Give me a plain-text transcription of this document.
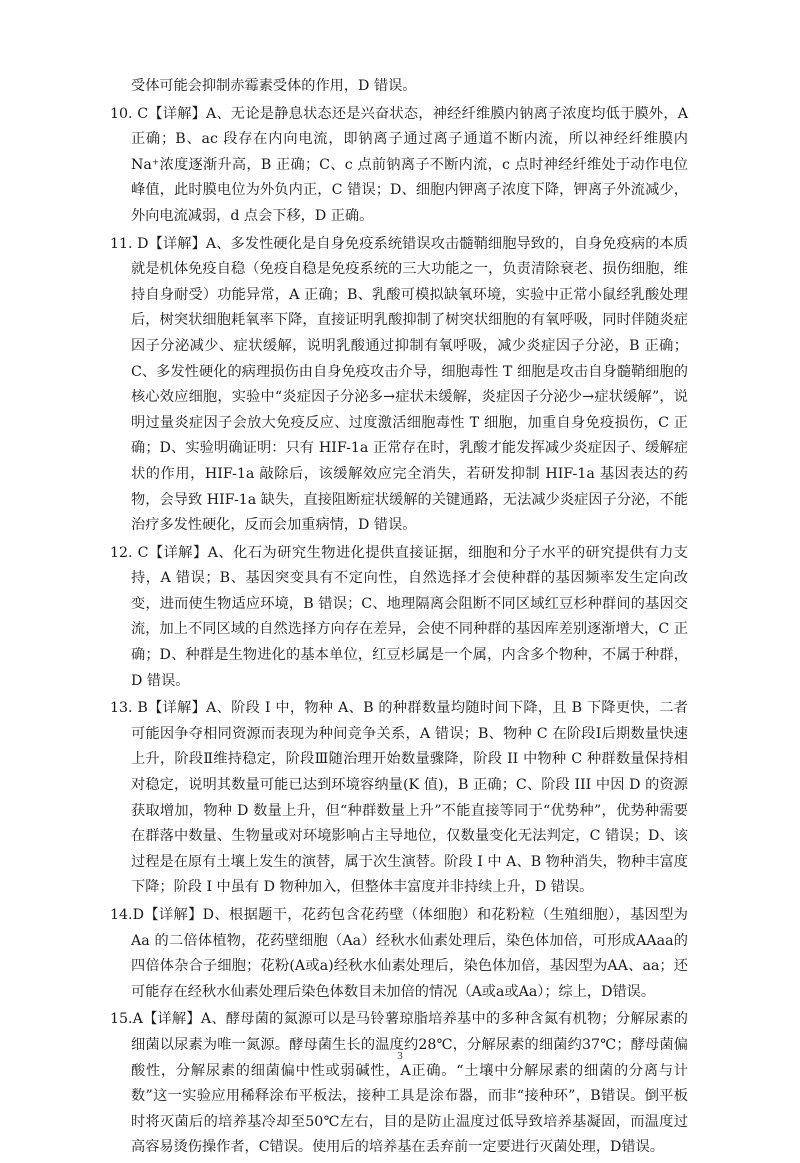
受体可能会抑制赤霉素受体的作用，D 错误。

10. C【详解】A、无论是静息状态还是兴奋状态，神经纤维膜内钠离子浓度均低于膜外，A 正确；B、ac 段存在内向电流，即钠离子通过离子通道不断内流，所以神经纤维膜内 Na⁺浓度逐渐升高，B 正确；C、c 点前钠离子不断内流，c 点时神经纤维处于动作电位峰值，此时膜电位为外负内正，C 错误；D、细胞内钾离子浓度下降，钾离子外流减少，外向电流减弱，d 点会下移，D 正确。

11. D【详解】A、多发性硬化是自身免疫系统错误攻击髓鞘细胞导致的，自身免疫病的本质就是机体免疫自稳（免疫自稳是免疫系统的三大功能之一，负责清除衰老、损伤细胞，维持自身耐受）功能异常，A 正确；B、乳酸可模拟缺氧环境，实验中正常小鼠经乳酸处理后，树突状细胞耗氧率下降，直接证明乳酸抑制了树突状细胞的有氧呼吸，同时伴随炎症因子分泌减少、症状缓解，说明乳酸通过抑制有氧呼吸，减少炎症因子分泌，B 正确；C、多发性硬化的病理损伤由自身免疫攻击介导，细胞毒性 T 细胞是攻击自身髓鞘细胞的核心效应细胞，实验中“炎症因子分泌多→症状未缓解，炎症因子分泌少→症状缓解”，说明过量炎症因子会放大免疫反应、过度激活细胞毒性 T 细胞，加重自身免疫损伤，C 正确；D、实验明确证明：只有 HIF-1a 正常存在时，乳酸才能发挥减少炎症因子、缓解症状的作用，HIF-1a 敲除后，该缓解效应完全消失，若研发抑制 HIF-1a 基因表达的药物，会导致 HIF-1a 缺失，直接阻断症状缓解的关键通路，无法减少炎症因子分泌，不能治疗多发性硬化，反而会加重病情，D 错误。

12. C【详解】A、化石为研究生物进化提供直接证据，细胞和分子水平的研究提供有力支持，A 错误；B、基因突变具有不定向性，自然选择才会使种群的基因频率发生定向改变，进而使生物适应环境，B 错误；C、地理隔离会阻断不同区域红豆杉种群间的基因交流，加上不同区域的自然选择方向存在差异，会使不同种群的基因库差别逐渐增大，C 正确；D、种群是生物进化的基本单位，红豆杉属是一个属，内含多个物种，不属于种群，D 错误。

13. B【详解】A、阶段 I 中，物种 A、B 的种群数量均随时间下降，且 B 下降更快，二者可能因争夺相同资源而表现为种间竞争关系，A 错误；B、物种 C 在阶段Ⅰ后期数量快速上升，阶段Ⅱ维持稳定，阶段Ⅲ随治理开始数量骤降，阶段 II 中物种 C 种群数量保持相对稳定，说明其数量可能已达到环境容纳量(K 值)，B 正确；C、阶段 III 中因 D 的资源获取增加，物种 D 数量上升，但“种群数量上升”不能直接等同于“优势种”，优势种需要在群落中数量、生物量或对环境影响占主导地位，仅数量变化无法判定，C 错误；D、该过程是在原有土壤上发生的演替，属于次生演替。阶段 I 中 A、B 物种消失，物种丰富度下降；阶段 I 中虽有 D 物种加入，但整体丰富度并非持续上升，D 错误。

14.D【详解】D、根据题干，花药包含花药壁（体细胞）和花粉粒（生殖细胞），基因型为Aa 的二倍体植物，花药壁细胞（Aa）经秋水仙素处理后，染色体加倍，可形成AAaa的四倍体杂合子细胞；花粉(A或a)经秋水仙素处理后，染色体加倍，基因型为AA、aa；还可能存在经秋水仙素处理后染色体数目未加倍的情况（A或a或Aa）；综上，D错误。

15.A【详解】A、酵母菌的氮源可以是马铃薯琼脂培养基中的多种含氮有机物；分解尿素的细菌以尿素为唯一氮源。酵母菌生长的温度约28℃，分解尿素的细菌约37℃；酵母菌偏酸性，分解尿素的细菌偏中性或弱碱性，A正确。“土壤中分解尿素的细菌的分离与计数”这一实验应用稀释涂布平板法，接种工具是涂布器，而非“接种环”，B错误。倒平板时将灭菌后的培养基冷却至50℃左右，目的是防止温度过低导致培养基凝固，而温度过高容易烫伤操作者，C错误。使用后的培养基在丢弃前一定要进行灭菌处理，D错误。

3
